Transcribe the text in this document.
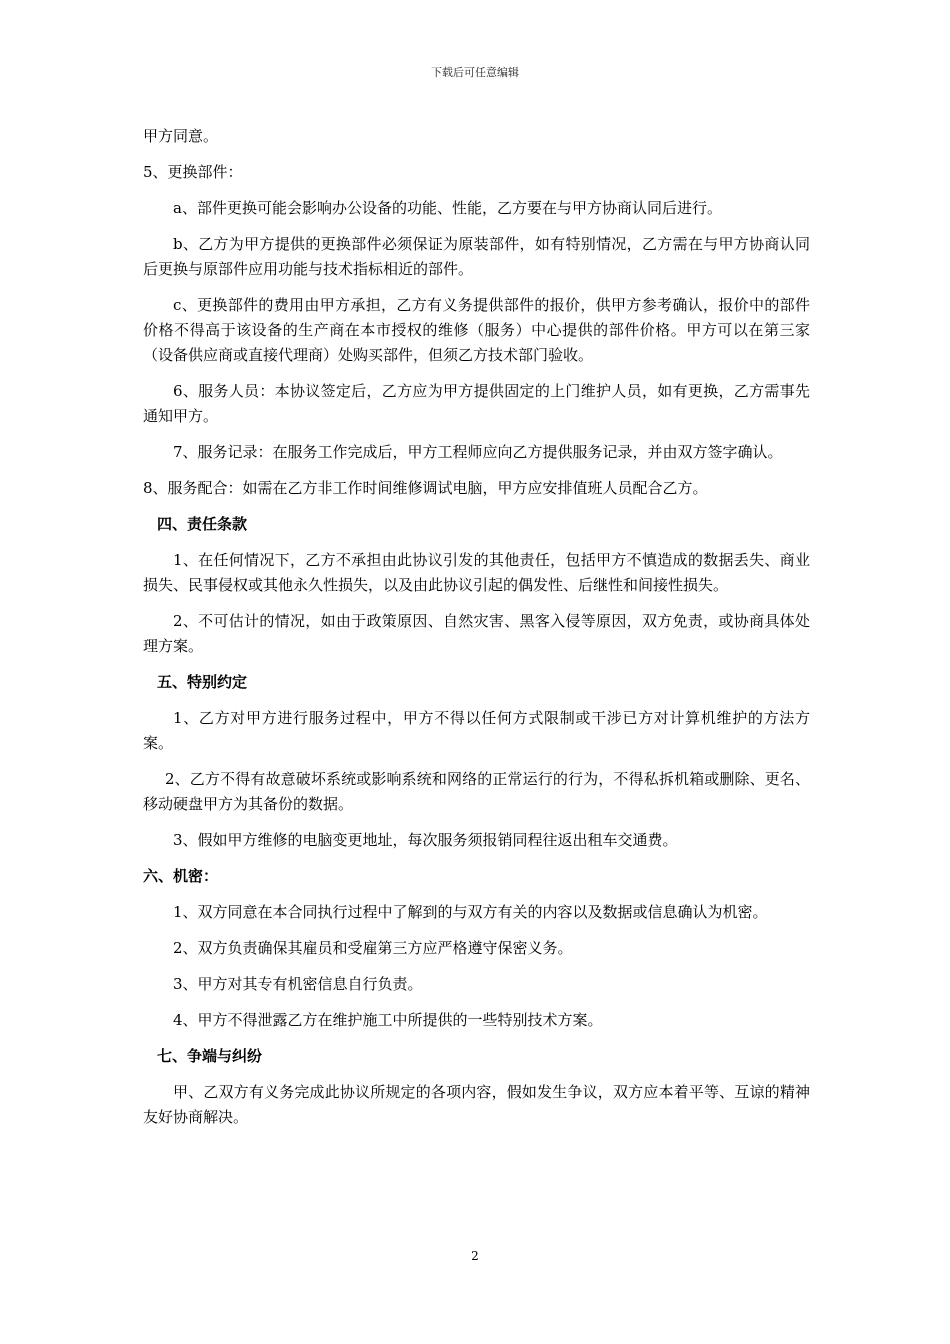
下载后可任意编辑

甲方同意。

5、更换部件：

a、部件更换可能会影响办公设备的功能、性能，乙方要在与甲方协商认同后进行。

b、乙方为甲方提供的更换部件必须保证为原装部件，如有特别情况，乙方需在与甲方协商认同后更换与原部件应用功能与技术指标相近的部件。

c、更换部件的费用由甲方承担，乙方有义务提供部件的报价，供甲方参考确认，报价中的部件价格不得高于该设备的生产商在本市授权的维修（服务）中心提供的部件价格。甲方可以在第三家（设备供应商或直接代理商）处购买部件，但须乙方技术部门验收。

6、服务人员：本协议签定后，乙方应为甲方提供固定的上门维护人员，如有更换，乙方需事先通知甲方。

7、服务记录：在服务工作完成后，甲方工程师应向乙方提供服务记录，并由双方签字确认。

8、服务配合：如需在乙方非工作时间维修调试电脑，甲方应安排值班人员配合乙方。

四、责任条款

1、在任何情况下，乙方不承担由此协议引发的其他责任，包括甲方不慎造成的数据丢失、商业损失、民事侵权或其他永久性损失，以及由此协议引起的偶发性、后继性和间接性损失。

2、不可估计的情况，如由于政策原因、自然灾害、黑客入侵等原因，双方免责，或协商具体处理方案。

五、特别约定

1、乙方对甲方进行服务过程中，甲方不得以任何方式限制或干涉已方对计算机维护的方法方案。

2、乙方不得有故意破坏系统或影响系统和网络的正常运行的行为，不得私拆机箱或删除、更名、移动硬盘甲方为其备份的数据。

3、假如甲方维修的电脑变更地址，每次服务须报销同程往返出租车交通费。

六、机密：

1、双方同意在本合同执行过程中了解到的与双方有关的内容以及数据或信息确认为机密。

2、双方负责确保其雇员和受雇第三方应严格遵守保密义务。

3、甲方对其专有机密信息自行负责。

4、甲方不得泄露乙方在维护施工中所提供的一些特别技术方案。

七、争端与纠纷

甲、乙双方有义务完成此协议所规定的各项内容，假如发生争议，双方应本着平等、互谅的精神友好协商解决。

2
